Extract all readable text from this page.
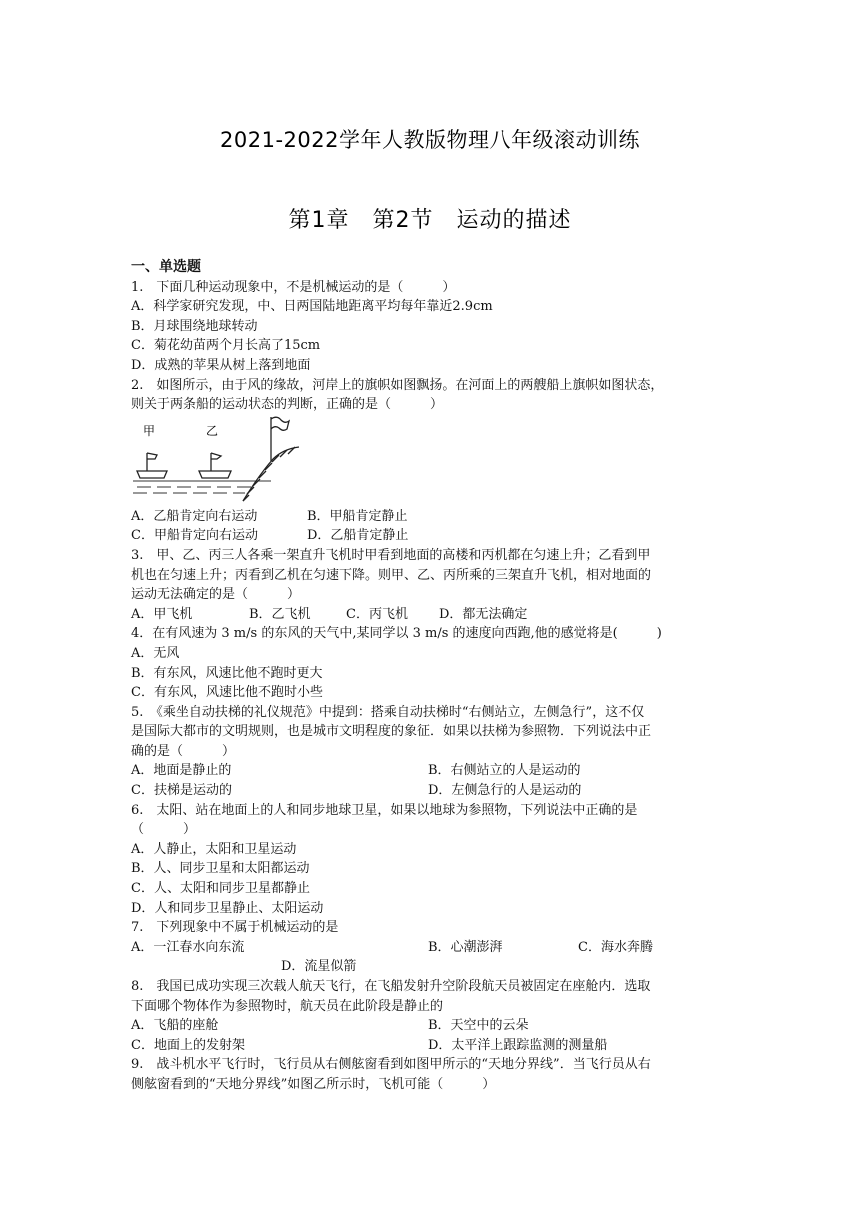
2021-2022学年人教版物理八年级滚动训练
第1章　第2节　运动的描述
一、单选题
1.　下面几种运动现象中，不是机械运动的是（　　　）
A．科学家研究发现，中、日两国陆地距离平均每年靠近2.9cm
B．月球围绕地球转动
C．菊花幼苗两个月长高了15cm
D．成熟的苹果从树上落到地面
2.　如图所示，由于风的缘故，河岸上的旗帜如图飘扬。在河面上的两艘船上旗帜如图状态，
则关于两条船的运动状态的判断，正确的是（　　　）
甲	乙
A．乙船肯定向右运动	B．甲船肯定静止
C．甲船肯定向右运动	D．乙船肯定静止
3.　甲、乙、丙三人各乘一架直升飞机时甲看到地面的高楼和丙机都在匀速上升；乙看到甲
机也在匀速上升；丙看到乙机在匀速下降。则甲、乙、丙所乘的三架直升飞机，相对地面的
运动无法确定的是（　　　）
A．甲飞机	B．乙飞机	C．丙飞机 D．都无法确定
4．在有风速为 3 m/s 的东风的天气中,某同学以 3 m/s 的速度向西跑,他的感觉将是(　　　)
A．无风
B．有东风，风速比他不跑时更大
C．有东风，风速比他不跑时小些
5.　《乘坐自动扶梯的礼仪规范》中提到：搭乘自动扶梯时“右侧站立，左侧急行”，这不仅
是国际大都市的文明规则，也是城市文明程度的象征．如果以扶梯为参照物．下列说法中正
确的是（　　　）
A．地面是静止的	B．右侧站立的人是运动的
C．扶梯是运动的	D．左侧急行的人是运动的
6.　太阳、站在地面上的人和同步地球卫星，如果以地球为参照物，下列说法中正确的是
（　　　）
A．人静止，太阳和卫星运动
B．人、同步卫星和太阳都运动
C．人、太阳和同步卫星都静止
D．人和同步卫星静止、太阳运动
7.　下列现象中不属于机械运动的是
A．一江春水向东流	B．心潮澎湃	C．海水奔腾
D．流星似箭
8.　我国已成功实现三次载人航天飞行，在飞船发射升空阶段航天员被固定在座舱内．选取
下面哪个物体作为参照物时，航天员在此阶段是静止的
A．飞船的座舱	B．天空中的云朵
C．地面上的发射架	D．太平洋上跟踪监测的测量船
9.　战斗机水平飞行时，飞行员从右侧舷窗看到如图甲所示的“天地分界线”．当飞行员从右
侧舷窗看到的“天地分界线”如图乙所示时，飞机可能（　　　）
